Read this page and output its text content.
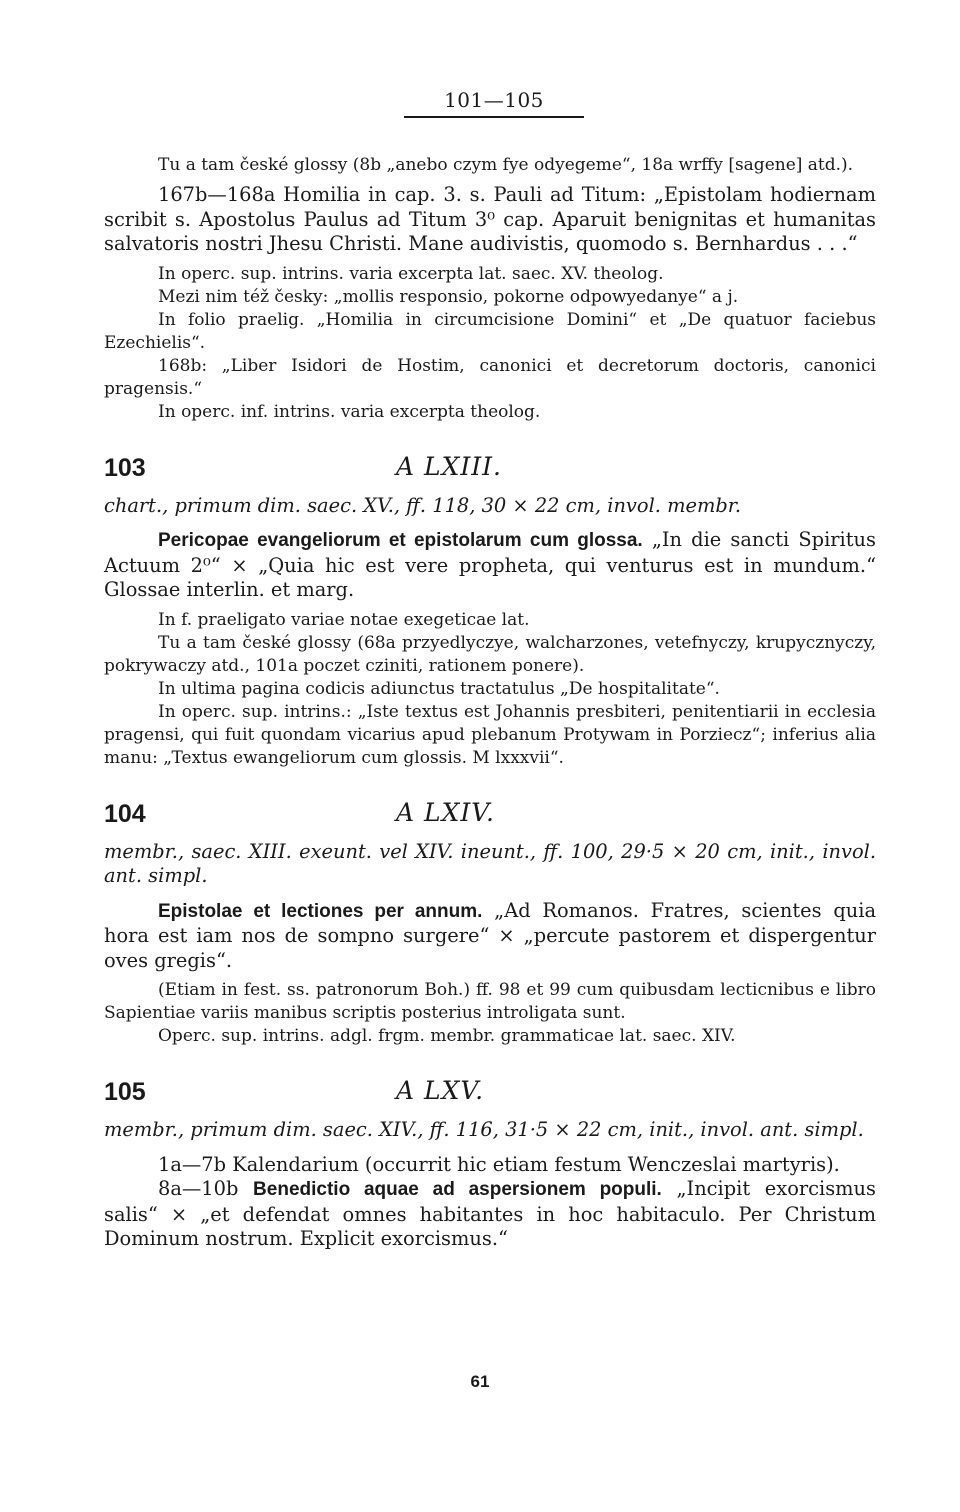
101—105

Tu a tam české glossy (8b „anebo czym fye odyegeme“, 18a wrffy [sagene] atd.).

167b—168a Homilia in cap. 3. s. Pauli ad Titum: „Epistolam hodiernam scribit s. Apostolus Paulus ad Titum 3⁰ cap. Aparuit benignitas et humanitas salvatoris nostri Jhesu Christi. Mane audivistis, quomodo s. Bernhardus . . .“

In operc. sup. intrins. varia excerpta lat. saec. XV. theolog.

Mezi nim též česky: „mollis responsio, pokorne odpowyedanye“ a j.

In folio praelig. „Homilia in circumcisione Domini“ et „De quatuor faciebus Ezechielis“.

168b: „Liber Isidori de Hostim, canonici et decretorum doctoris, canonici pragensis.“

In operc. inf. intrins. varia excerpta theolog.

103	A LXIII.
chart., primum dim. saec. XV., ff. 118, 30 × 22 cm, invol. membr.

Pericopae evangeliorum et epistolarum cum glossa. „In die sancti Spiritus Actuum 2⁰“ × „Quia hic est vere propheta, qui venturus est in mundum.“ Glossae interlin. et marg.

In f. praeligato variae notae exegeticae lat.

Tu a tam české glossy (68a przyedlyczye, walcharzones, vetefnyczy, krupycznyczy, pokrywaczy atd., 101a poczet cziniti, rationem ponere).

In ultima pagina codicis adiunctus tractatulus „De hospitalitate“.

In operc. sup. intrins.: „Iste textus est Johannis presbiteri, penitentiarii in ecclesia pragensi, qui fuit quondam vicarius apud plebanum Protywam in Porziecz“; inferius alia manu: „Textus ewangeliorum cum glossis. M lxxxvii“.

104	A LXIV.
membr., saec. XIII. exeunt. vel XIV. ineunt., ff. 100, 29·5 × 20 cm, init., invol. ant. simpl.

Epistolae et lectiones per annum. „Ad Romanos. Fratres, scientes quia hora est iam nos de sompno surgere“ × „percute pastorem et dispergentur oves gregis“.

(Etiam in fest. ss. patronorum Boh.) ff. 98 et 99 cum quibusdam lecticnibus e libro Sapientiae variis manibus scriptis posterius introligata sunt.

Operc. sup. intrins. adgl. frgm. membr. grammaticae lat. saec. XIV.

105	A LXV.
membr., primum dim. saec. XIV., ff. 116, 31·5 × 22 cm, init., invol. ant. simpl.

1a—7b Kalendarium (occurrit hic etiam festum Wenczeslai martyris).

8a—10b Benedictio aquae ad aspersionem populi. „Incipit exorcismus salis“ × „et defendat omnes habitantes in hoc habitaculo. Per Christum Dominum nostrum. Explicit exorcismus.“

61
